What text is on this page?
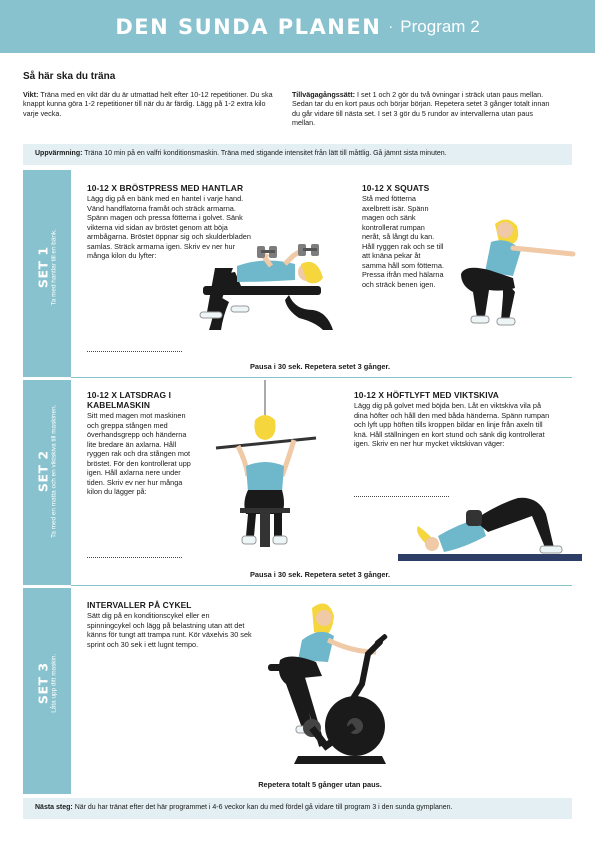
DEN SUNDA PLANEN · Program 2
Så här ska du träna

Vikt: Träna med en vikt där du är utmattad helt efter 10-12 repetitioner. Du ska knappt kunna göra 1-2 repetitioner till när du är färdig. Lägg på 1-2 extra kilo varje vecka.

Tillvägagångssätt: I set 1 och 2 gör du två övningar i sträck utan paus mellan. Sedan tar du en kort paus och börjar början. Repetera setet 3 gånger totalt innan du går vidare till nästa set. I set 3 gör du 5 rundor av intervallerna utan paus mellan.

Uppvärmning: Träna 10 min på en valfri konditionsmaskin. Träna med stigande intensitet från lätt till måttlig. Gå jämnt sista minuten.

SET 1 Ta med hantlar till en bänk.
10-12 X BRÖSTPRESS MED HANTLAR

Lägg dig på en bänk med en hantel i varje hand. Vänd handflatorna framåt och sträck armarna. Spänn magen och pressa fötterna i golvet. Sänk vikterna vid sidan av bröstet genom att böja armbågarna. Bröstet öppnar sig och skulderbladen samlas. Sträck armarna igen. Skriv ev ner hur många kilon du lyfter:

10-12 X SQUATS

Stå med fötterna axelbrett isär. Spänn magen och sänk kontrollerat rumpan neråt, så långt du kan. Håll ryggen rak och se till att knäna pekar åt samma håll som fötterna. Pressa ifrån med hälarna och sträck benen igen.

Pausa i 30 sek. Repetera setet 3 gånger.
SET 2 Ta med en matta och en viktskiva till maskinen.
10-12 X LATSDRAG I KABELMASKIN

Sitt med magen mot maskinen och greppa stången med överhandsgrepp och händerna lite bredare än axlarna. Håll ryggen rak och dra stången mot bröstet. För den kontrollerat upp igen. Håll axlarna nere under tiden. Skriv ev ner hur många kilon du lägger på:

10-12 X HÖFTLYFT MED VIKTSKIVA

Lägg dig på golvet med böjda ben. Låt en viktskiva vila på dina höfter och håll den med båda händerna. Spänn rumpan och lyft upp höften tills kroppen bildar en linje från axeln till knä. Håll ställningen en kort stund och sänk dig kontrollerat igen. Skriv en ner hur mycket viktskivan väger:

Pausa i 30 sek. Repetera setet 3 gånger.
SET 3 Låta upp ditt maskin.
INTERVALLER PÅ CYKEL

Sätt dig på en konditionscykel eller en spinningcykel och lägg på belastning utan att det känns för tungt att trampa runt. Kör växelvis 30 sek sprint och 30 sek i ett lugnt tempo.

Repetera totalt 5 gånger utan paus.

Nästa steg: När du har tränat efter det här programmet i 4-6 veckor kan du med fördel gå vidare till program 3 i den sunda gymplanen.
